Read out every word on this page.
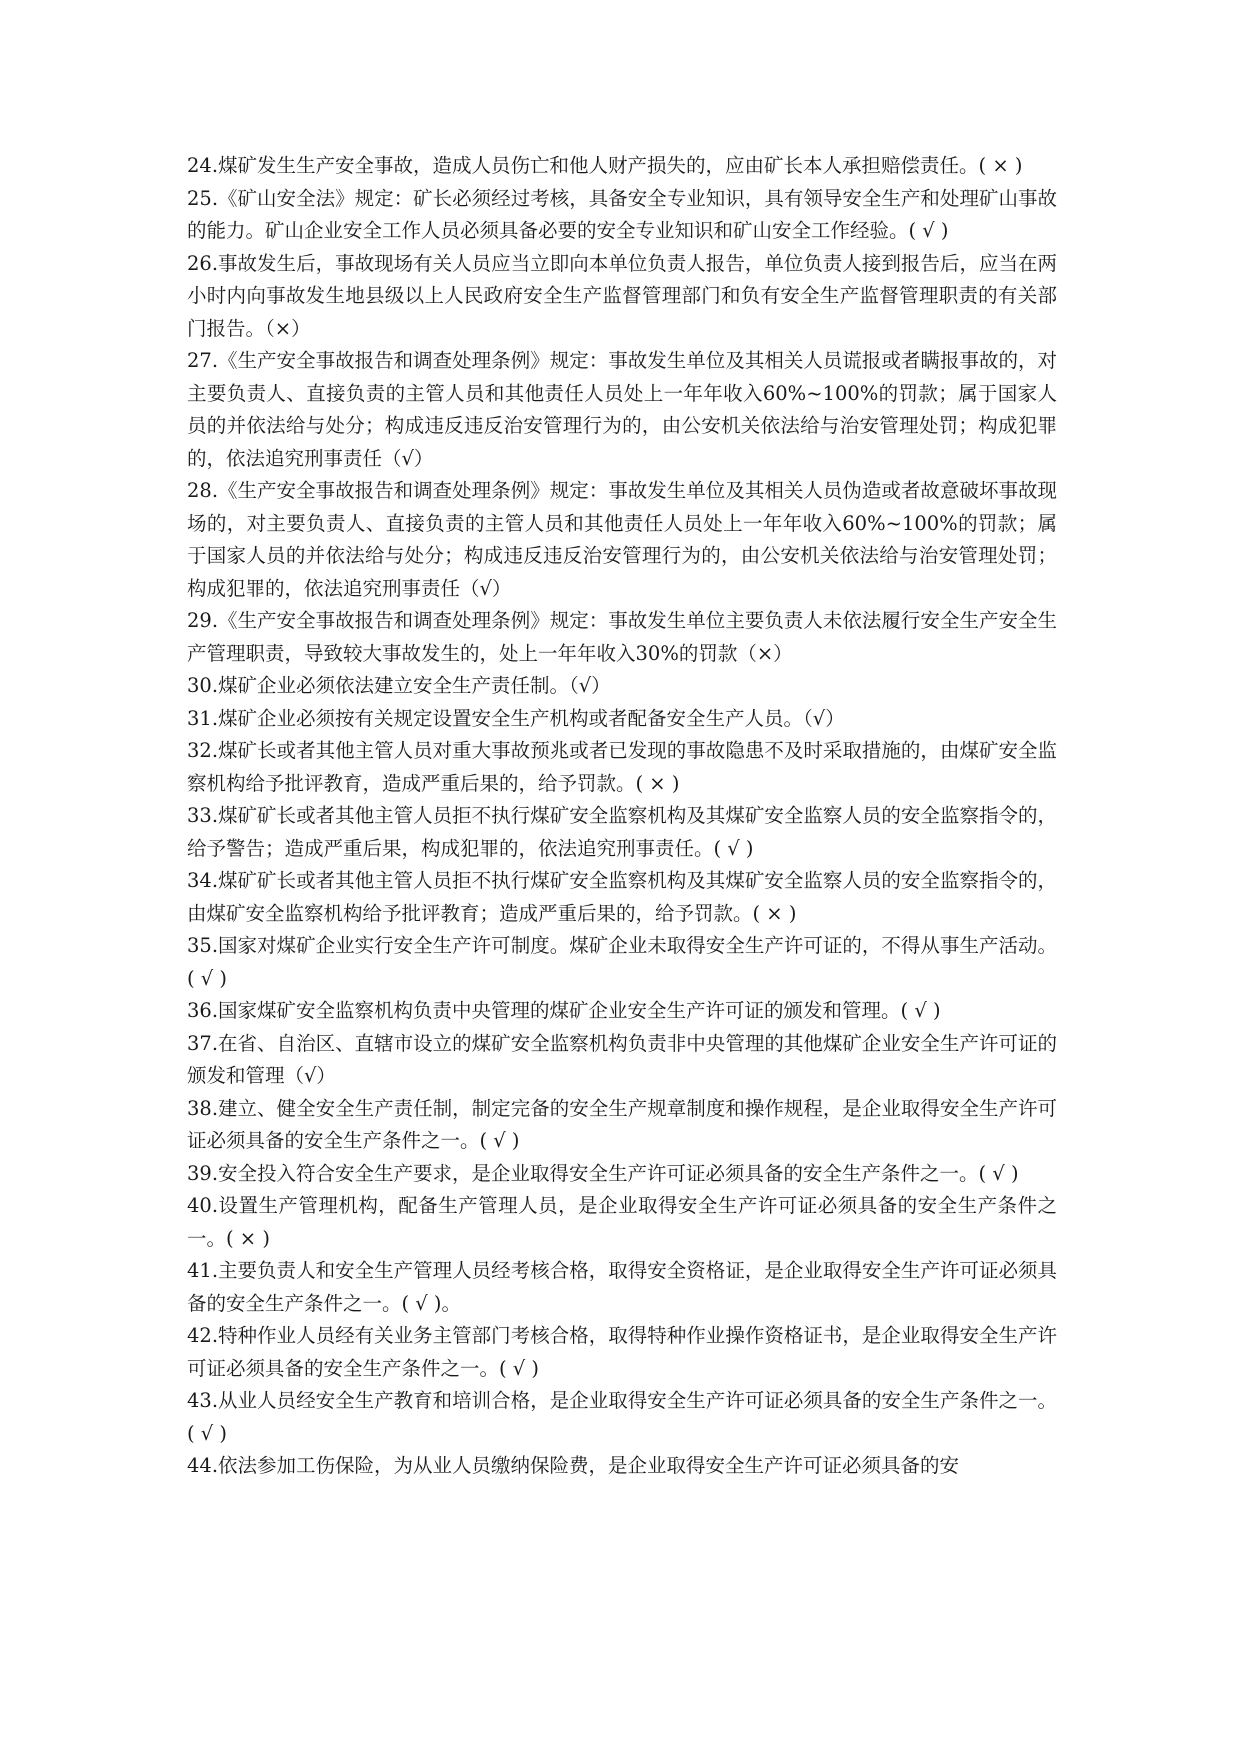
24.煤矿发生生产安全事故，造成人员伤亡和他人财产损失的，应由矿长本人承担赔偿责任。( × )

25.《矿山安全法》规定：矿长必须经过考核，具备安全专业知识，具有领导安全生产和处理矿山事故的能力。矿山企业安全工作人员必须具备必要的安全专业知识和矿山安全工作经验。( √ )

26.事故发生后，事故现场有关人员应当立即向本单位负责人报告，单位负责人接到报告后，应当在两小时内向事故发生地县级以上人民政府安全生产监督管理部门和负有安全生产监督管理职责的有关部门报告。（×）

27.《生产安全事故报告和调查处理条例》规定：事故发生单位及其相关人员谎报或者瞒报事故的，对主要负责人、直接负责的主管人员和其他责任人员处上一年年收入60%~100%的罚款；属于国家人员的并依法给与处分；构成违反违反治安管理行为的，由公安机关依法给与治安管理处罚；构成犯罪的，依法追究刑事责任（√）

28.《生产安全事故报告和调查处理条例》规定：事故发生单位及其相关人员伪造或者故意破坏事故现场的，对主要负责人、直接负责的主管人员和其他责任人员处上一年年收入60%~100%的罚款；属于国家人员的并依法给与处分；构成违反违反治安管理行为的，由公安机关依法给与治安管理处罚；构成犯罪的，依法追究刑事责任（√）

29.《生产安全事故报告和调查处理条例》规定：事故发生单位主要负责人未依法履行安全生产安全生产管理职责，导致较大事故发生的，处上一年年收入30%的罚款（×）

30.煤矿企业必须依法建立安全生产责任制。（√）

31.煤矿企业必须按有关规定设置安全生产机构或者配备安全生产人员。（√）

32.煤矿长或者其他主管人员对重大事故预兆或者已发现的事故隐患不及时采取措施的，由煤矿安全监察机构给予批评教育，造成严重后果的，给予罚款。( × )

33.煤矿矿长或者其他主管人员拒不执行煤矿安全监察机构及其煤矿安全监察人员的安全监察指令的，给予警告；造成严重后果，构成犯罪的，依法追究刑事责任。( √ )

34.煤矿矿长或者其他主管人员拒不执行煤矿安全监察机构及其煤矿安全监察人员的安全监察指令的，由煤矿安全监察机构给予批评教育；造成严重后果的，给予罚款。( × )

35.国家对煤矿企业实行安全生产许可制度。煤矿企业未取得安全生产许可证的，不得从事生产活动。( √ )

36.国家煤矿安全监察机构负责中央管理的煤矿企业安全生产许可证的颁发和管理。( √ )

37.在省、自治区、直辖市设立的煤矿安全监察机构负责非中央管理的其他煤矿企业安全生产许可证的颁发和管理（√）

38.建立、健全安全生产责任制，制定完备的安全生产规章制度和操作规程，是企业取得安全生产许可证必须具备的安全生产条件之一。( √ )

39.安全投入符合安全生产要求，是企业取得安全生产许可证必须具备的安全生产条件之一。( √ )

40.设置生产管理机构，配备生产管理人员，是企业取得安全生产许可证必须具备的安全生产条件之一。( × )

41.主要负责人和安全生产管理人员经考核合格，取得安全资格证，是企业取得安全生产许可证必须具备的安全生产条件之一。( √ )。

42.特种作业人员经有关业务主管部门考核合格，取得特种作业操作资格证书，是企业取得安全生产许可证必须具备的安全生产条件之一。( √ )

43.从业人员经安全生产教育和培训合格，是企业取得安全生产许可证必须具备的安全生产条件之一。( √ )

44.依法参加工伤保险，为从业人员缴纳保险费，是企业取得安全生产许可证必须具备的安
